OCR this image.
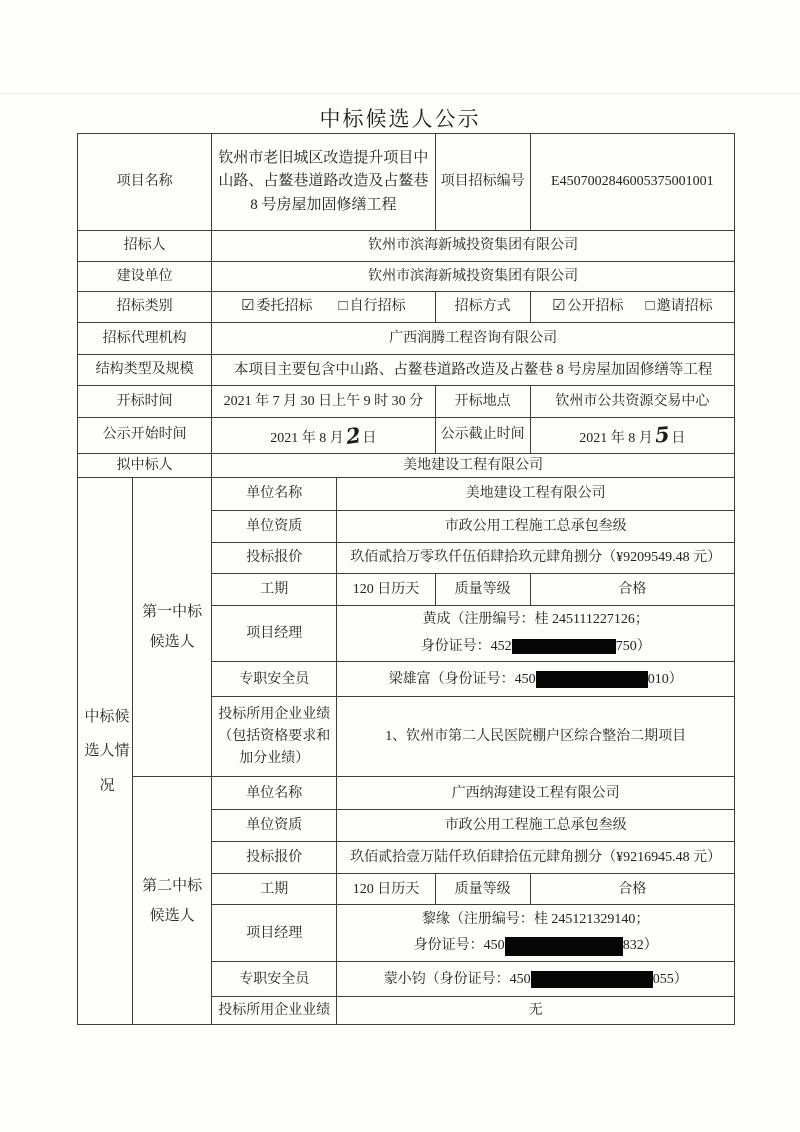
中标候选人公示
项目名称		钦州市老旧城区改造提升项目中山路、占鳌巷道路改造及占鳌巷 8 号房屋加固修缮工程		项目招标编号	E4507002846005375001001
招标人		钦州市滨海新城投资集团有限公司			
建设单位		钦州市滨海新城投资集团有限公司			
招标类别		☑ 委托招标 □ 自行招标		招标方式	☑ 公开招标 □ 邀请招标

招标代理机构		广西润腾工程咨询有限公司			
结构类型及规模		本项目主要包含中山路、占鳌巷道路改造及占鳌巷 8 号房屋加固修缮等工程			
开标时间		2021 年 7 月 30 日上午 9 时 30 分		开标地点	钦州市公共资源交易中心
公示开始时间		2021 年 8 月2日		公示截止时间	2021 年 8 月5日
拟中标人		美地建设工程有限公司			
中标候选人情况	第一中标候选人	单位名称	美地建设工程有限公司		
		单位资质	市政公用工程施工总承包叁级		
		投标报价	玖佰贰拾万零玖仟伍佰肆拾玖元肆角捌分（¥9209549.48 元）		
		工期	120 日历天	质量等级	合格
		项目经理	黄成（注册编号：桂 245111227126；
身份证号：452 750）		

		专职安全员	梁雄富（身份证号：450 010）		
		投标所用企业业绩（包括资格要求和加分业绩）	1、钦州市第二人民医院棚户区综合整治二期项目		
	第二中标候选人	单位名称	广西纳海建设工程有限公司		
		单位资质	市政公用工程施工总承包叁级		
		投标报价	玖佰贰拾壹万陆仟玖佰肆拾伍元肆角捌分（¥9216945.48 元）		
		工期	120 日历天	质量等级	合格
		项目经理	黎缘（注册编号：桂 245121329140；
身份证号：450 832）		

		专职安全员	蒙小钧（身份证号：450 055）		
		投标所用企业业绩	无		
